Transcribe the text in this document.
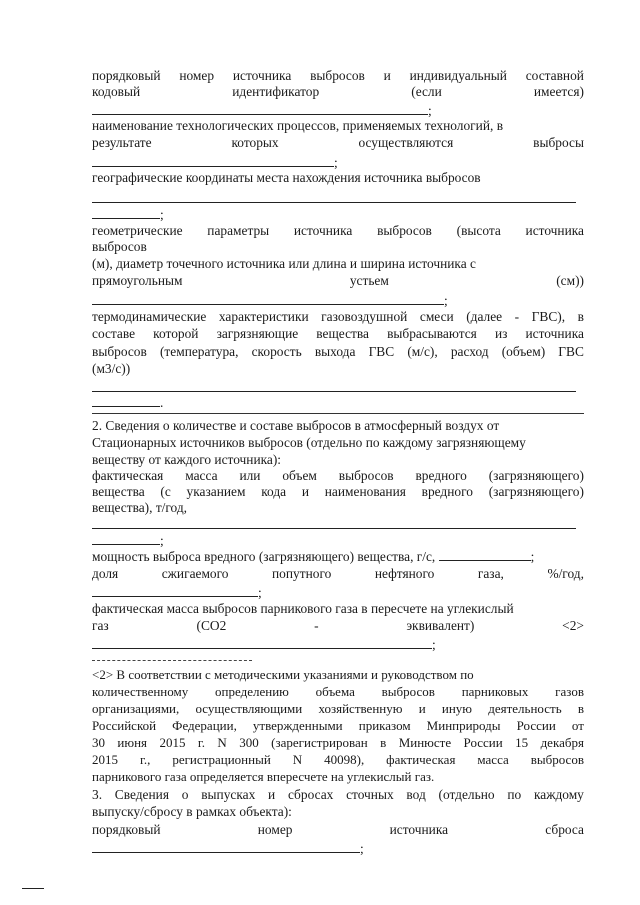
порядковый номер источника выбросов и индивидуальный составной
кодовый	идентификатор	(если	имеется)
;
наименование технологических процессов, применяемых технологий, в
результате	которых	осуществляются	выбросы
;
географические координаты места нахождения источника выбросов
;
геометрические параметры источника выбросов (высота источника
выбросов
(м), диаметр точечного источника или длина и ширина источника с
прямоугольным	устьем	(см))
;
термодинамические характеристики газовоздушной смеси (далее - ГВС), в
составе которой загрязняющие вещества выбрасываются из источника
выбросов (температура, скорость выхода ГВС (м/с), расход (объем) ГВС
(м3/с))
.
2. Сведения о количестве и составе выбросов в атмосферный воздух от
Стационарных источников выбросов (отдельно по каждому загрязняющему
веществу от каждого источника):
фактическая масса или объем выбросов вредного (загрязняющего)
вещества (с указанием кода и наименования вредного (загрязняющего)
вещества), т/год,
;
мощность выброса вредного (загрязняющего) вещества, г/с,	;
доля	сжигаемого	попутного	нефтяного	газа,	%/год,
;
фактическая масса выбросов парникового газа в пересчете на углекислый
газ	(СО2	-	эквивалент)	<2>
;
<2> В соответствии с методическими указаниями и руководством по
количественному определению объема выбросов парниковых газов
организациями, осуществляющими хозяйственную и иную деятельность в
Российской Федерации, утвержденными приказом Минприроды России от
30 июня 2015 г. N 300 (зарегистрирован в Минюсте России 15 декабря
2015 г., регистрационный N 40098), фактическая масса выбросов
парникового газа определяется впересчете на углекислый газ.
3. Сведения о выпусках и сбросах сточных вод (отдельно по каждому
выпуску/сбросу в рамках объекта):
порядковый	номер	источника	сброса
;
